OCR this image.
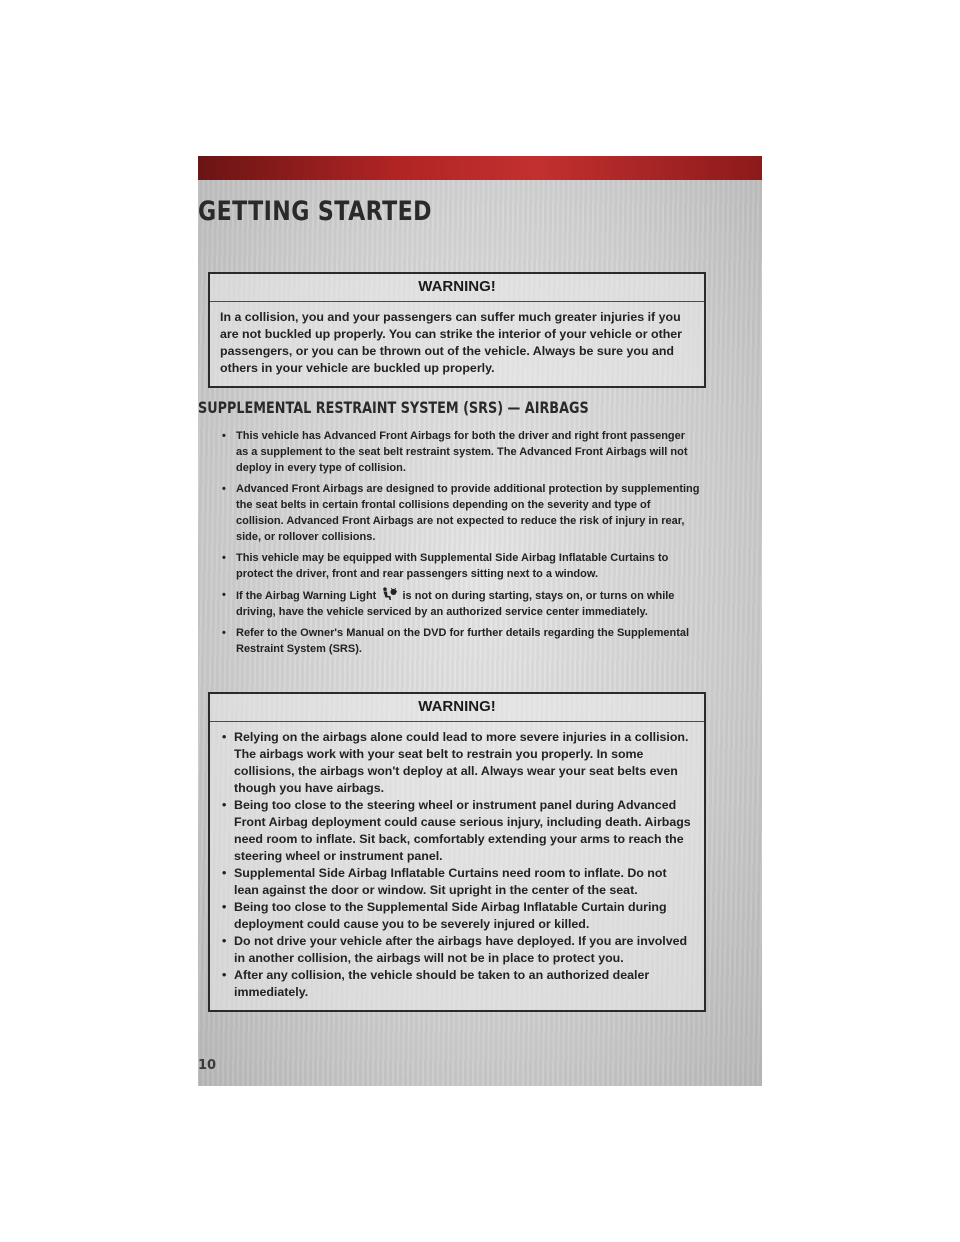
GETTING STARTED
WARNING!
In a collision, you and your passengers can suffer much greater injuries if you are not buckled up properly. You can strike the interior of your vehicle or other passengers, or you can be thrown out of the vehicle. Always be sure you and others in your vehicle are buckled up properly.
SUPPLEMENTAL RESTRAINT SYSTEM (SRS) — AIRBAGS
• This vehicle has Advanced Front Airbags for both the driver and right front passenger as a supplement to the seat belt restraint system. The Advanced Front Airbags will not deploy in every type of collision.
• Advanced Front Airbags are designed to provide additional protection by supplementing the seat belts in certain frontal collisions depending on the severity and type of collision. Advanced Front Airbags are not expected to reduce the risk of injury in rear, side, or rollover collisions.
• This vehicle may be equipped with Supplemental Side Airbag Inflatable Curtains to protect the driver, front and rear passengers sitting next to a window.
• If the Airbag Warning Light is not on during starting, stays on, or turns on while driving, have the vehicle serviced by an authorized service center immediately.
• Refer to the Owner's Manual on the DVD for further details regarding the Supplemental Restraint System (SRS).
WARNING!
• Relying on the airbags alone could lead to more severe injuries in a collision. The airbags work with your seat belt to restrain you properly. In some collisions, the airbags won't deploy at all. Always wear your seat belts even though you have airbags.
• Being too close to the steering wheel or instrument panel during Advanced Front Airbag deployment could cause serious injury, including death. Airbags need room to inflate. Sit back, comfortably extending your arms to reach the steering wheel or instrument panel.
• Supplemental Side Airbag Inflatable Curtains need room to inflate. Do not lean against the door or window. Sit upright in the center of the seat.
• Being too close to the Supplemental Side Airbag Inflatable Curtain during deployment could cause you to be severely injured or killed.
• Do not drive your vehicle after the airbags have deployed. If you are involved in another collision, the airbags will not be in place to protect you.
• After any collision, the vehicle should be taken to an authorized dealer immediately.
10
